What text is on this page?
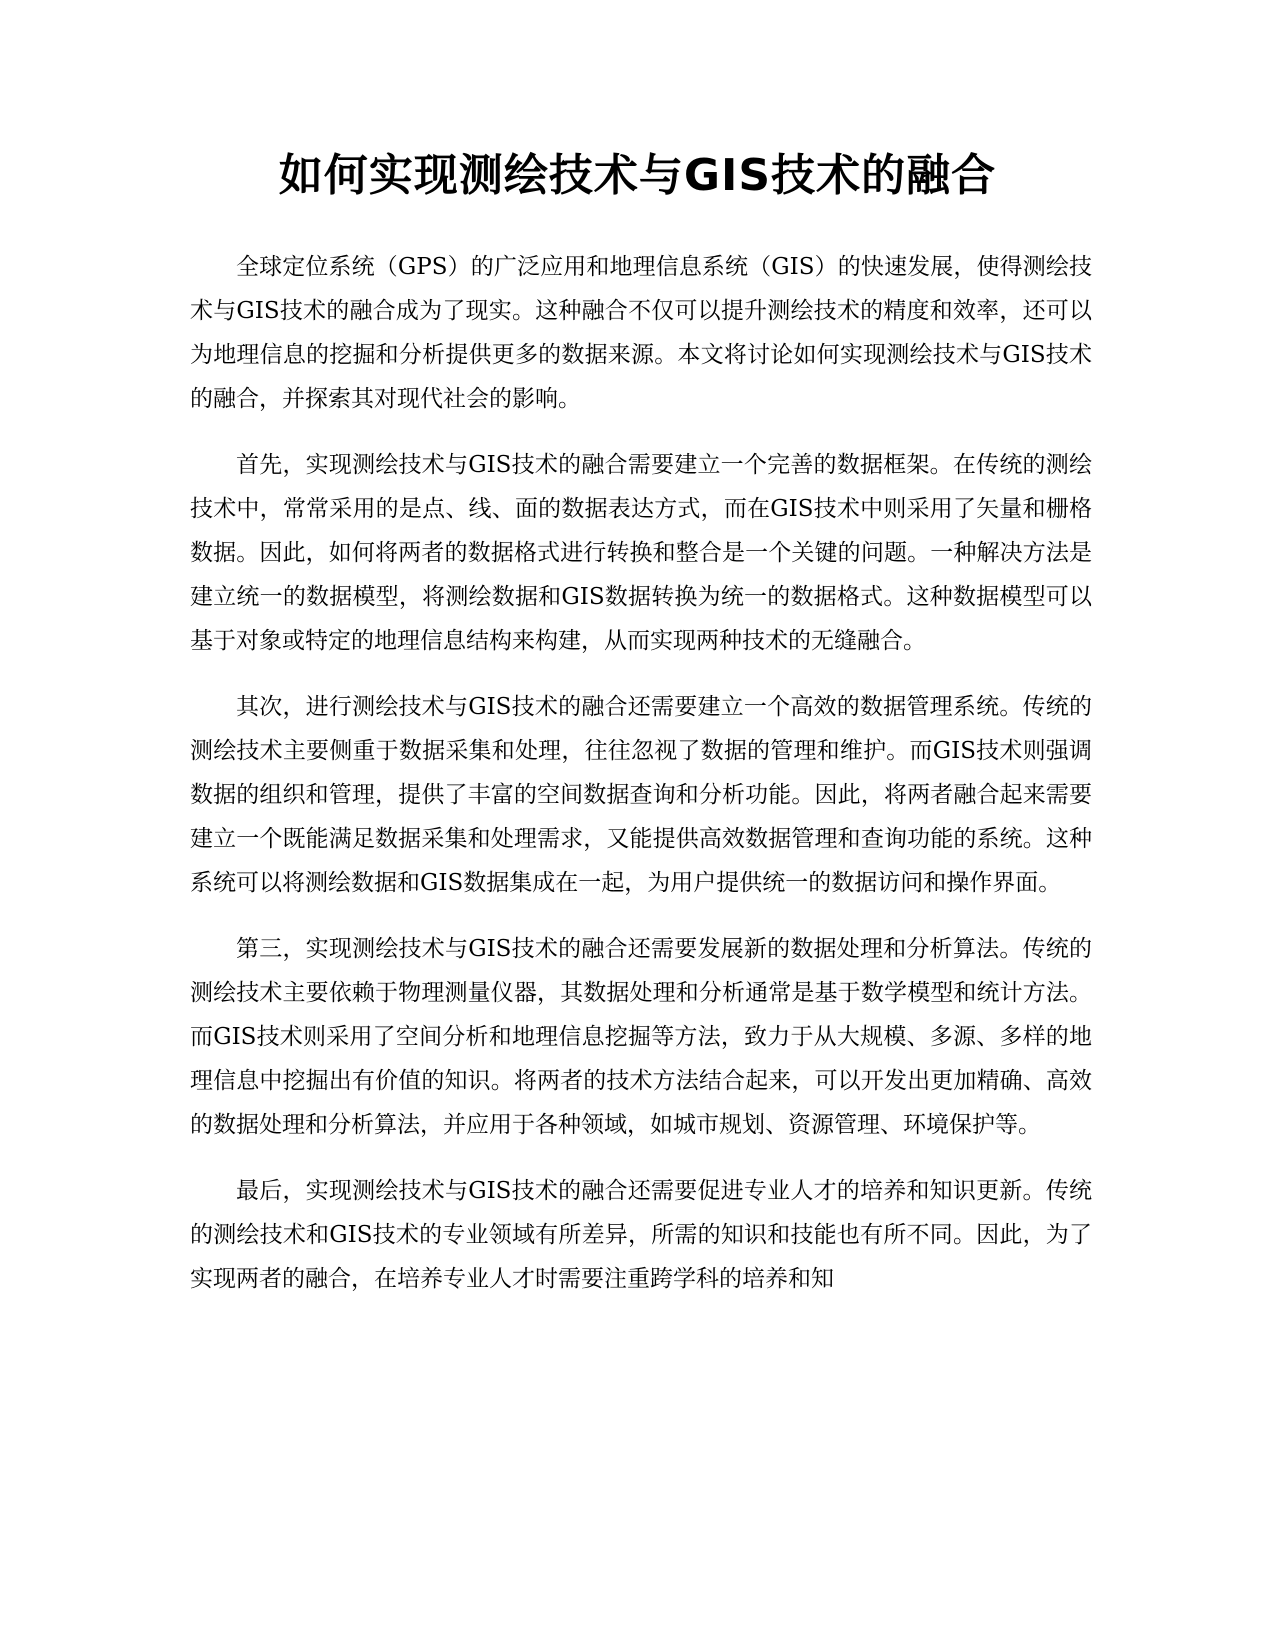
如何实现测绘技术与GIS技术的融合

全球定位系统（GPS）的广泛应用和地理信息系统（GIS）的快速发展，使得测绘技术与GIS技术的融合成为了现实。这种融合不仅可以提升测绘技术的精度和效率，还可以为地理信息的挖掘和分析提供更多的数据来源。本文将讨论如何实现测绘技术与GIS技术的融合，并探索其对现代社会的影响。

首先，实现测绘技术与GIS技术的融合需要建立一个完善的数据框架。在传统的测绘技术中，常常采用的是点、线、面的数据表达方式，而在GIS技术中则采用了矢量和栅格数据。因此，如何将两者的数据格式进行转换和整合是一个关键的问题。一种解决方法是建立统一的数据模型，将测绘数据和GIS数据转换为统一的数据格式。这种数据模型可以基于对象或特定的地理信息结构来构建，从而实现两种技术的无缝融合。

其次，进行测绘技术与GIS技术的融合还需要建立一个高效的数据管理系统。传统的测绘技术主要侧重于数据采集和处理，往往忽视了数据的管理和维护。而GIS技术则强调数据的组织和管理，提供了丰富的空间数据查询和分析功能。因此，将两者融合起来需要建立一个既能满足数据采集和处理需求，又能提供高效数据管理和查询功能的系统。这种系统可以将测绘数据和GIS数据集成在一起，为用户提供统一的数据访问和操作界面。

第三，实现测绘技术与GIS技术的融合还需要发展新的数据处理和分析算法。传统的测绘技术主要依赖于物理测量仪器，其数据处理和分析通常是基于数学模型和统计方法。而GIS技术则采用了空间分析和地理信息挖掘等方法，致力于从大规模、多源、多样的地理信息中挖掘出有价值的知识。将两者的技术方法结合起来，可以开发出更加精确、高效的数据处理和分析算法，并应用于各种领域，如城市规划、资源管理、环境保护等。

最后，实现测绘技术与GIS技术的融合还需要促进专业人才的培养和知识更新。传统的测绘技术和GIS技术的专业领域有所差异，所需的知识和技能也有所不同。因此，为了实现两者的融合，在培养专业人才时需要注重跨学科的培养和知
